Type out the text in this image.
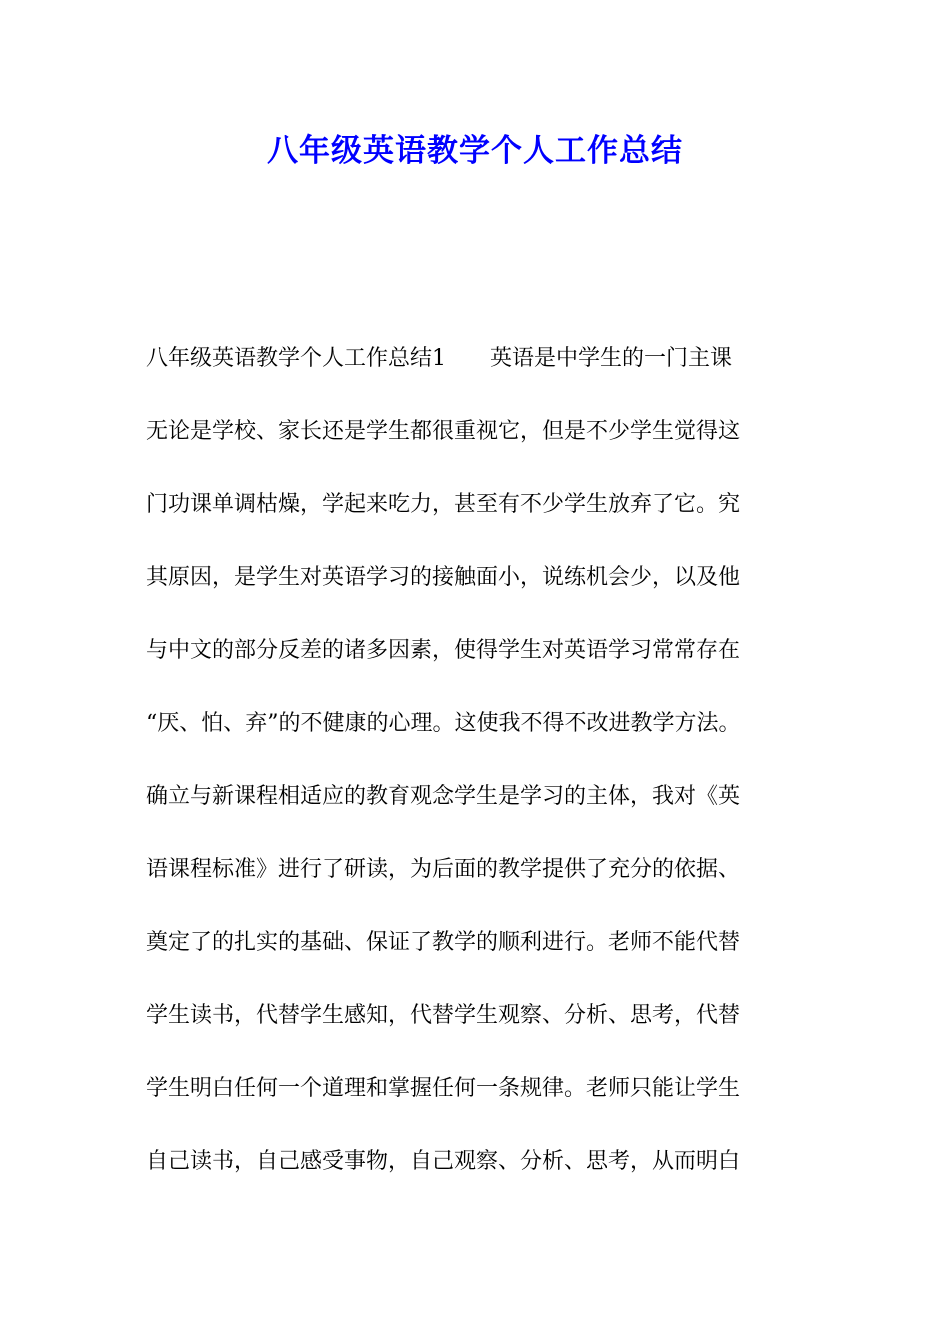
八年级英语教学个人工作总结
八年级英语教学个人工作总结1　　英语是中学生的一门主课
无论是学校、家长还是学生都很重视它，但是不少学生觉得这
门功课单调枯燥，学起来吃力，甚至有不少学生放弃了它。究
其原因，是学生对英语学习的接触面小，说练机会少，以及他
与中文的部分反差的诸多因素，使得学生对英语学习常常存在
“厌、怕、弃”的不健康的心理。这使我不得不改进教学方法。
确立与新课程相适应的教育观念学生是学习的主体，我对《英
语课程标准》进行了研读，为后面的教学提供了充分的依据、
奠定了的扎实的基础、保证了教学的顺利进行。老师不能代替
学生读书，代替学生感知，代替学生观察、分析、思考，代替
学生明白任何一个道理和掌握任何一条规律。老师只能让学生
自己读书，自己感受事物，自己观察、分析、思考，从而明白
